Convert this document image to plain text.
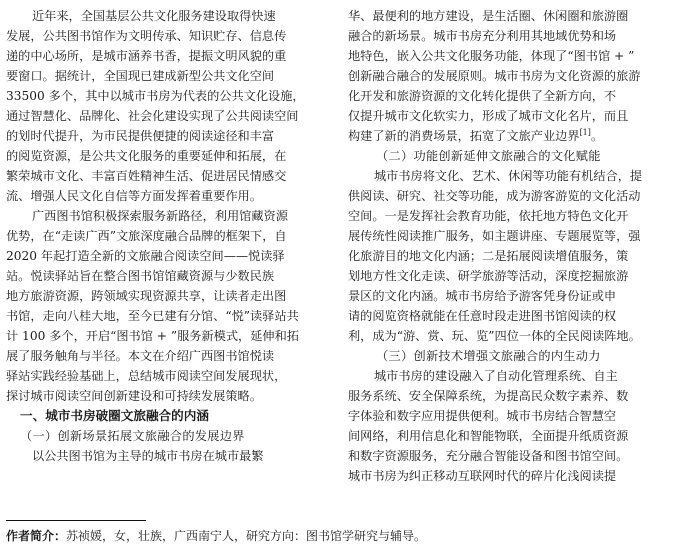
近年来，全国基层公共文化服务建设取得快速
发展，公共图书馆作为文明传承、知识贮存、信息传
递的中心场所，是城市涵养书香，提振文明风貌的重
要窗口。据统计，全国现已建成新型公共文化空间
33500 多个，其中以城市书房为代表的公共文化设施，
通过智慧化、品牌化、社会化建设实现了公共阅读空间
的划时代提升，为市民提供便捷的阅读途径和丰富
的阅览资源，是公共文化服务的重要延伸和拓展，在
繁荣城市文化、丰富百姓精神生活、促进居民情感交
流、增强人民文化自信等方面发挥着重要作用。
广西图书馆积极探索服务新路径，利用馆藏资源
优势，在“走读广西”文旅深度融合品牌的框架下，自
2020 年起打造全新的文旅融合阅读空间——悦读驿
站。悦读驿站旨在整合图书馆馆藏资源与少数民族
地方旅游资源，跨领域实现资源共享，让读者走出图
书馆，走向八桂大地，至今已建有分馆、“悦”读驿站共
计 100 多个，开启“图书馆 + ”服务新模式，延伸和拓
展了服务触角与半径。本文在介绍广西图书馆悦读
驿站实践经验基础上，总结城市阅读空间发展现状，
探讨城市阅读空间创新建设和可持续发展策略。
一、城市书房破圈文旅融合的内涵
（一）创新场景拓展文旅融合的发展边界
以公共图书馆为主导的城市书房在城市最繁
华、最便利的地方建设，是生活圈、休闲圈和旅游圈
融合的新场景。城市书房充分利用其地域优势和场
地特色，嵌入公共文化服务功能，体现了“图书馆 + ”
创新融合融合的发展原则。城市书房为文化资源的旅游
化开发和旅游资源的文化转化提供了全新方向，不
仅提升城市文化软实力，形成了城市文化名片，而且
构建了新的消费场景，拓宽了文旅产业边界[1]。
（二）功能创新延伸文旅融合的文化赋能
城市书房将文化、艺术、休闲等功能有机结合，提
供阅读、研究、社交等功能，成为游客游览的文化活动
空间。一是发挥社会教育功能，依托地方特色文化开
展传统性阅读推广服务，如主题讲座、专题展览等，强
化旅游目的地文化内涵；二是拓展阅读增值服务，策
划地方性文化走读、研学旅游等活动，深度挖掘旅游
景区的文化内涵。城市书房给予游客凭身份证或申
请的阅览资格就能在任意时段走进图书馆阅读的权
利，成为“游、赏、玩、览”四位一体的全民阅读阵地。
（三）创新技术增强文旅融合的内生动力
城市书房的建设融入了自动化管理系统、自主
服务系统、安全保障系统，为提高民众数字素养、数
字体验和数字应用提供便利。城市书房结合智慧空
间网络，利用信息化和智能物联，全面提升纸质资源
和数字资源服务，充分融合智能设备和图书馆空间。
城市书房为纠正移动互联网时代的碎片化浅阅读提
作者简介：苏祯媛，女，壮族，广西南宁人，研究方向：图书馆学研究与辅导。
